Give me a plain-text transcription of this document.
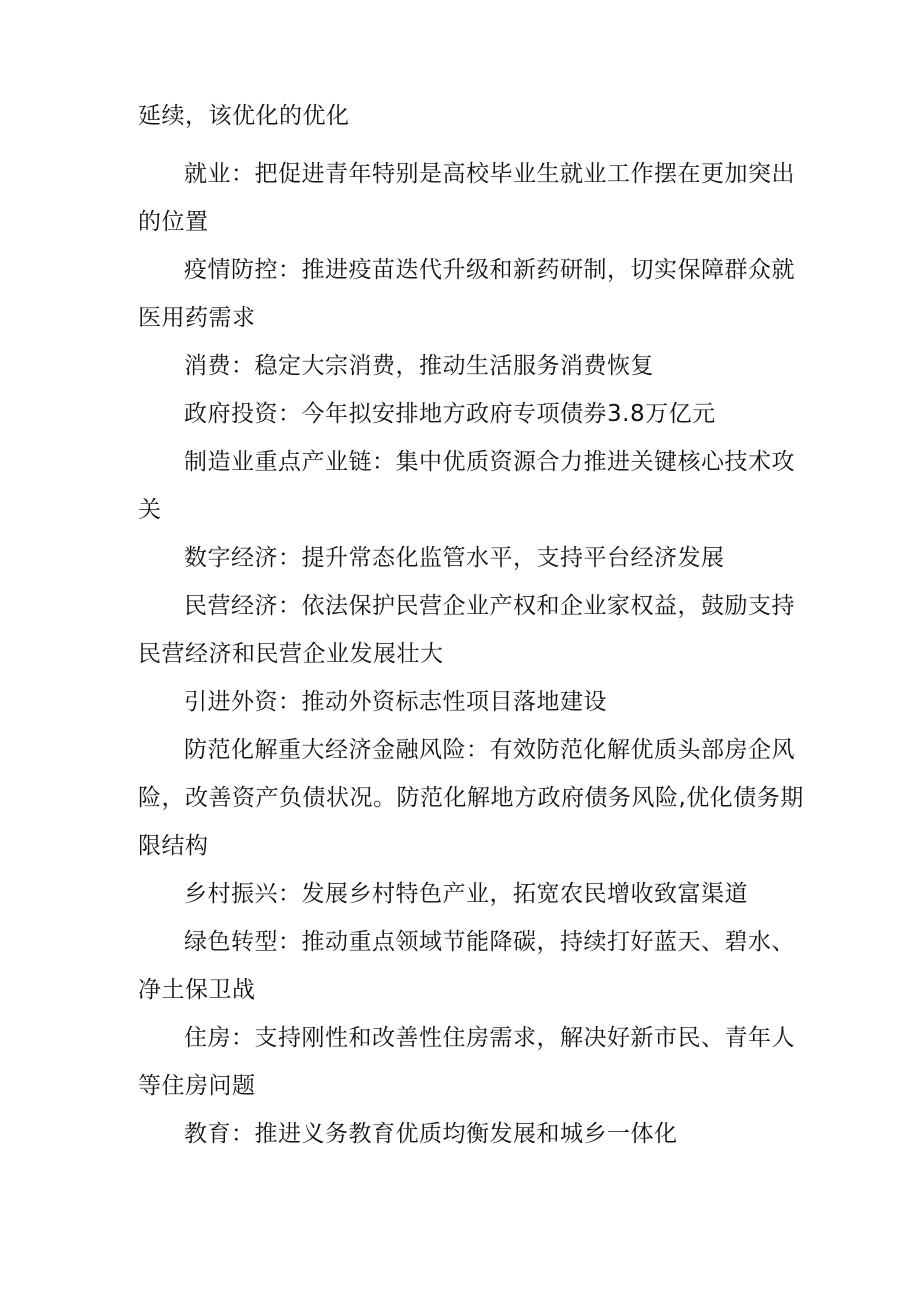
延续，该优化的优化

就业：把促进青年特别是高校毕业生就业工作摆在更加突出的位置

疫情防控：推进疫苗迭代升级和新药研制，切实保障群众就医用药需求

消费：稳定大宗消费，推动生活服务消费恢复

政府投资：今年拟安排地方政府专项债券3.8万亿元

制造业重点产业链：集中优质资源合力推进关键核心技术攻关

数字经济：提升常态化监管水平，支持平台经济发展

民营经济：依法保护民营企业产权和企业家权益，鼓励支持民营经济和民营企业发展壮大

引进外资：推动外资标志性项目落地建设

防范化解重大经济金融风险：有效防范化解优质头部房企风险，改善资产负债状况。防范化解地方政府债务风险,优化债务期限结构

乡村振兴：发展乡村特色产业，拓宽农民增收致富渠道

绿色转型：推动重点领域节能降碳，持续打好蓝天、碧水、净土保卫战

住房：支持刚性和改善性住房需求，解决好新市民、青年人等住房问题

教育：推进义务教育优质均衡发展和城乡一体化
